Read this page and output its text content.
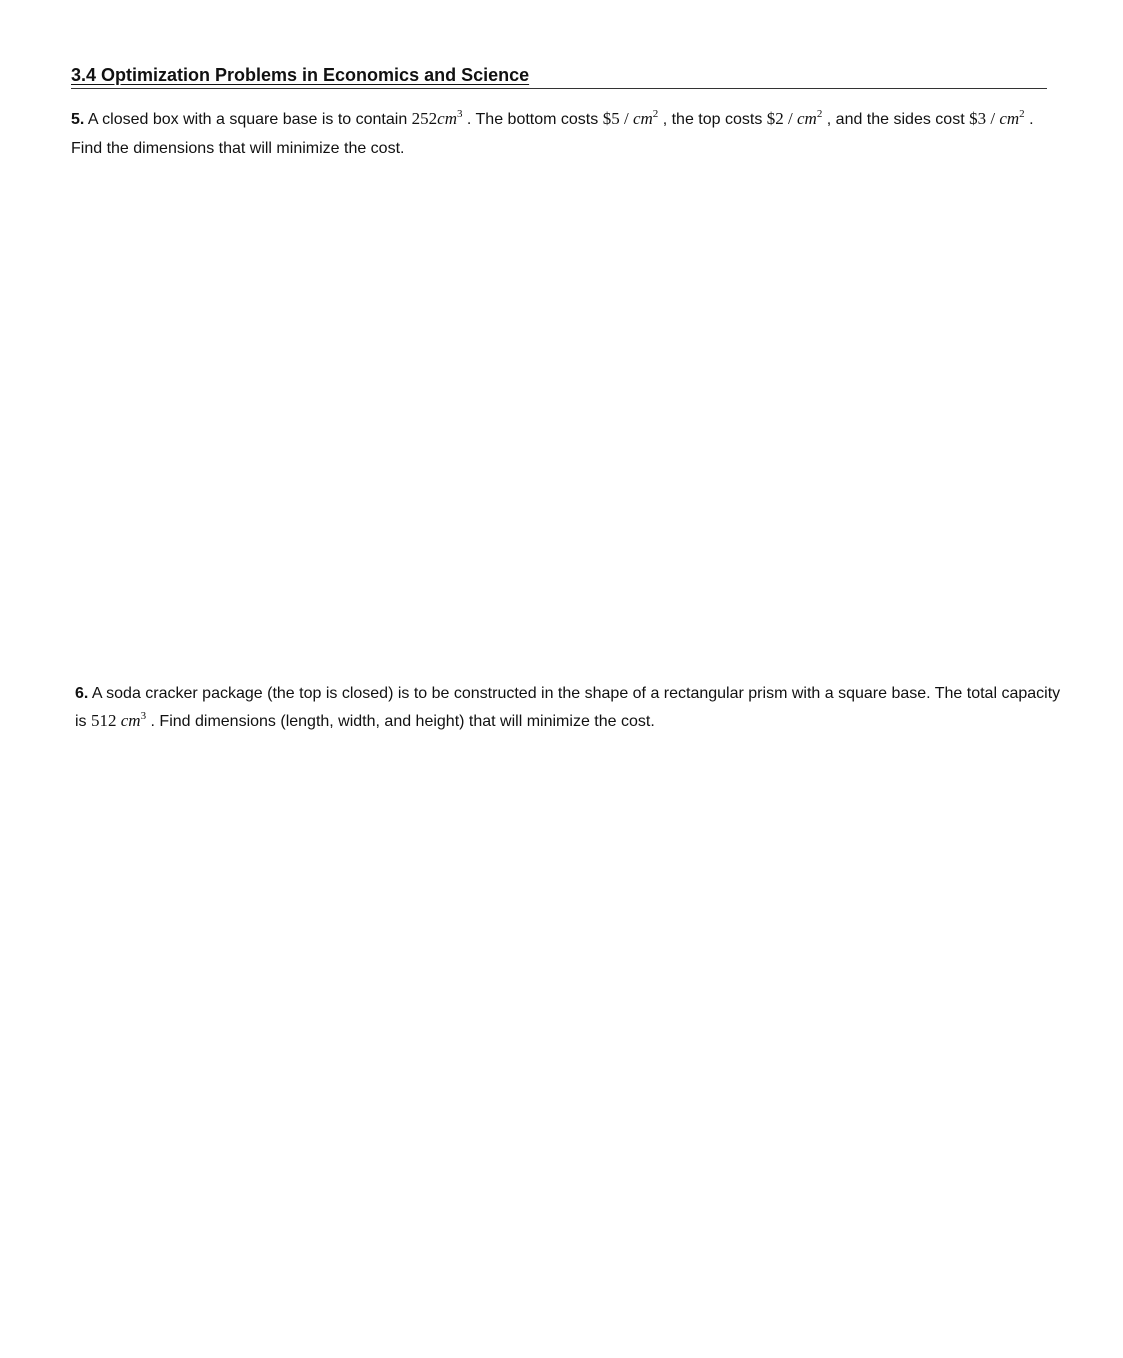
3.4 Optimization Problems in Economics and Science
5. A closed box with a square base is to contain $252cm^3$ . The bottom costs $5 / $cm^2$ , the top costs $2 / $cm^2$ , and the sides cost $3 / $cm^2$ . Find the dimensions that will minimize the cost.
6. A soda cracker package (the top is closed) is to be constructed in the shape of a rectangular prism with a square base. The total capacity is 512 $cm^3$ . Find dimensions (length, width, and height) that will minimize the cost.
